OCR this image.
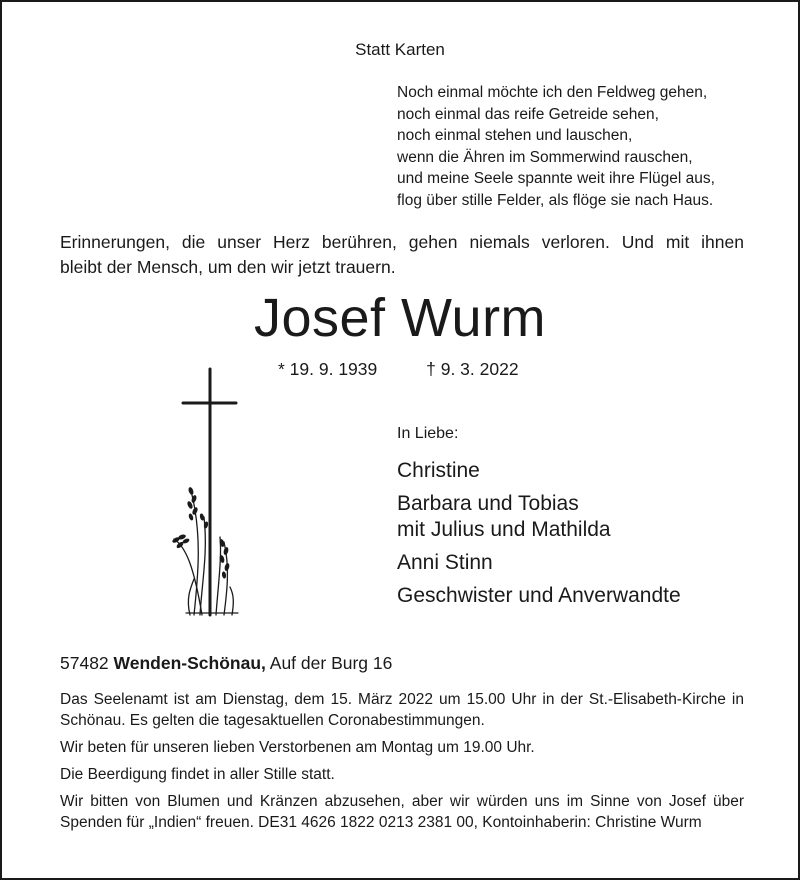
Statt Karten
Noch einmal möchte ich den Feldweg gehen,
noch einmal das reife Getreide sehen,
noch einmal stehen und lauschen,
wenn die Ähren im Sommerwind rauschen,
und meine Seele spannte weit ihre Flügel aus,
flog über stille Felder, als flöge sie nach Haus.
Erinnerungen, die unser Herz berühren, gehen niemals verloren. Und mit ihnen
bleibt der Mensch, um den wir jetzt trauern.
Josef Wurm
* 19. 9. 1939	† 9. 3. 2022
In Liebe:
Christine
Barbara und Tobias
mit Julius und Mathilda
Anni Stinn
Geschwister und Anverwandte
57482 Wenden-Schönau, Auf der Burg 16

Das Seelenamt ist am Dienstag, dem 15. März 2022 um 15.00 Uhr in der St.-Elisabeth-Kirche in Schönau. Es gelten die tagesaktuellen Coronabestimmungen.

Wir beten für unseren lieben Verstorbenen am Montag um 19.00 Uhr.

Die Beerdigung findet in aller Stille statt.

Wir bitten von Blumen und Kränzen abzusehen, aber wir würden uns im Sinne von Josef über Spenden für „Indien“ freuen. DE31 4626 1822 0213 2381 00, Kontoinhaberin: Christine Wurm
